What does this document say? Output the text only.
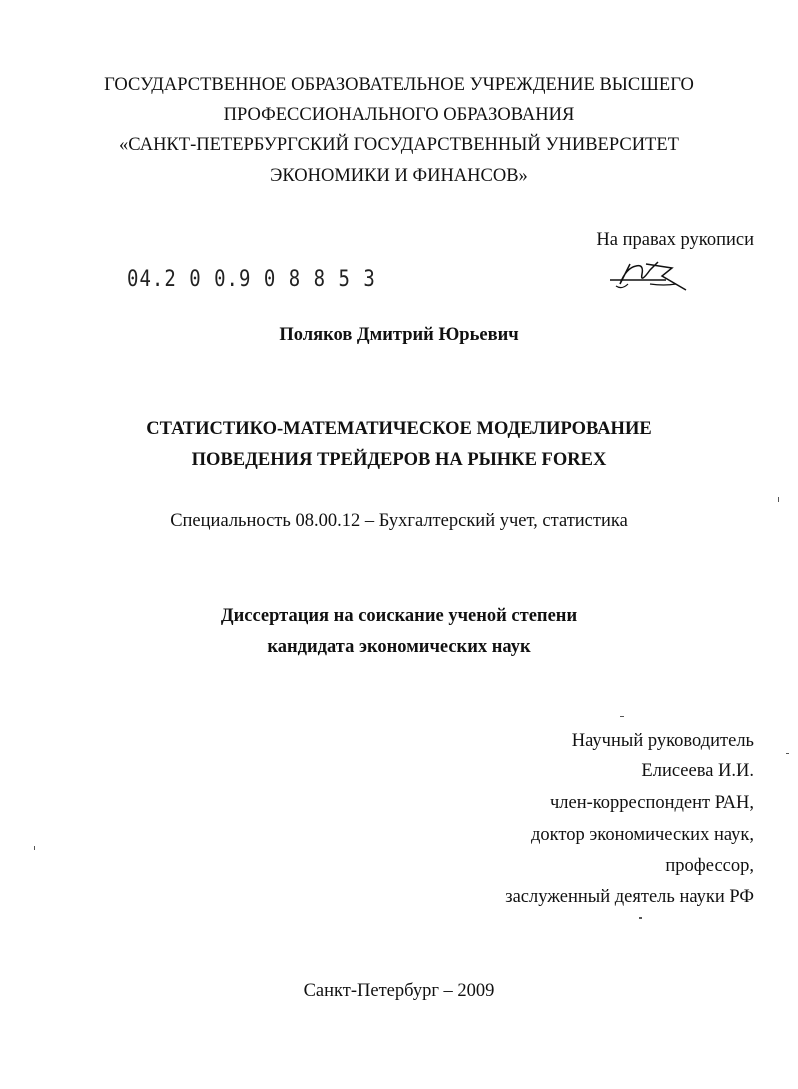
ГОСУДАРСТВЕННОЕ ОБРАЗОВАТЕЛЬНОЕ УЧРЕЖДЕНИЕ ВЫСШЕГО
ПРОФЕССИОНАЛЬНОГО ОБРАЗОВАНИЯ
«САНКТ-ПЕТЕРБУРГСКИЙ ГОСУДАРСТВЕННЫЙ УНИВЕРСИТЕТ
ЭКОНОМИКИ И ФИНАНСОВ»
На правах рукописи
04.2 0 0.9 0 8 8 5 3
Поляков Дмитрий Юрьевич
СТАТИСТИКО-МАТЕМАТИЧЕСКОЕ МОДЕЛИРОВАНИЕ
ПОВЕДЕНИЯ ТРЕЙДЕРОВ НА РЫНКЕ FOREX
Специальность 08.00.12 – Бухгалтерский учет, статистика
Диссертация на соискание ученой степени
кандидата экономических наук
Научный руководитель
Елисеева И.И.
член-корреспондент РАН,
доктор экономических наук,
профессор,
заслуженный деятель науки РФ
Санкт-Петербург – 2009
